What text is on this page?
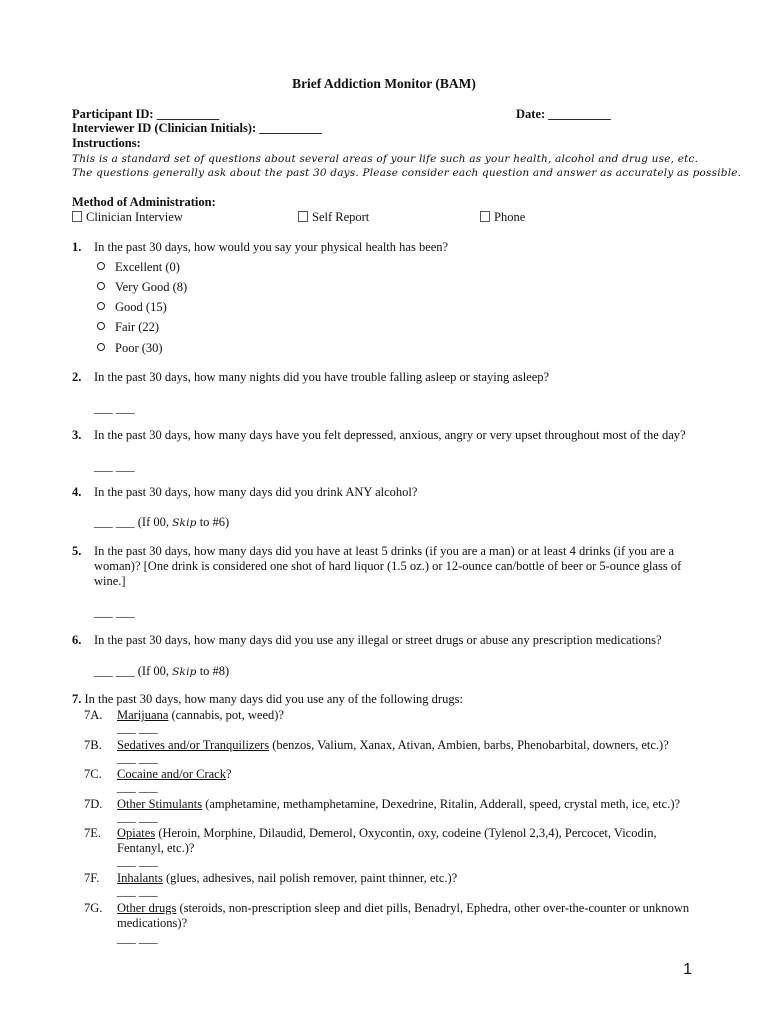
Brief Addiction Monitor (BAM)
Participant ID: __________	Date: __________
Interviewer ID (Clinician Initials): __________
Instructions:
This is a standard set of questions about several areas of your life such as your health, alcohol and drug use, etc.
The questions generally ask about the past 30 days. Please consider each question and answer as accurately as possible.
Method of Administration:
Clinician Interview	Self Report	Phone
1. In the past 30 days, how would you say your physical health has been?
Excellent (0)
Very Good (8)
Good (15)
Fair (22)
Poor (30)
2. In the past 30 days, how many nights did you have trouble falling asleep or staying asleep?
___ ___
3. In the past 30 days, how many days have you felt depressed, anxious, angry or very upset throughout most of the day?
___ ___
4. In the past 30 days, how many days did you drink ANY alcohol?
___ ___ (If 00, Skip to #6)
5. In the past 30 days, how many days did you have at least 5 drinks (if you are a man) or at least 4 drinks (if you are a woman)? [One drink is considered one shot of hard liquor (1.5 oz.) or 12-ounce can/bottle of beer or 5-ounce glass of wine.]
___ ___
6. In the past 30 days, how many days did you use any illegal or street drugs or abuse any prescription medications?
___ ___ (If 00, Skip to #8)
7. In the past 30 days, how many days did you use any of the following drugs:
7A. Marijuana (cannabis, pot, weed)?
___ ___
7B. Sedatives and/or Tranquilizers (benzos, Valium, Xanax, Ativan, Ambien, barbs, Phenobarbital, downers, etc.)?
___ ___
7C. Cocaine and/or Crack?
___ ___
7D. Other Stimulants (amphetamine, methamphetamine, Dexedrine, Ritalin, Adderall, speed, crystal meth, ice, etc.)?
___ ___
7E. Opiates (Heroin, Morphine, Dilaudid, Demerol, Oxycontin, oxy, codeine (Tylenol 2,3,4), Percocet, Vicodin, Fentanyl, etc.)?
___ ___
7F. Inhalants (glues, adhesives, nail polish remover, paint thinner, etc.)?
___ ___
7G. Other drugs (steroids, non-prescription sleep and diet pills, Benadryl, Ephedra, other over-the-counter or unknown medications)?
___ ___
1
